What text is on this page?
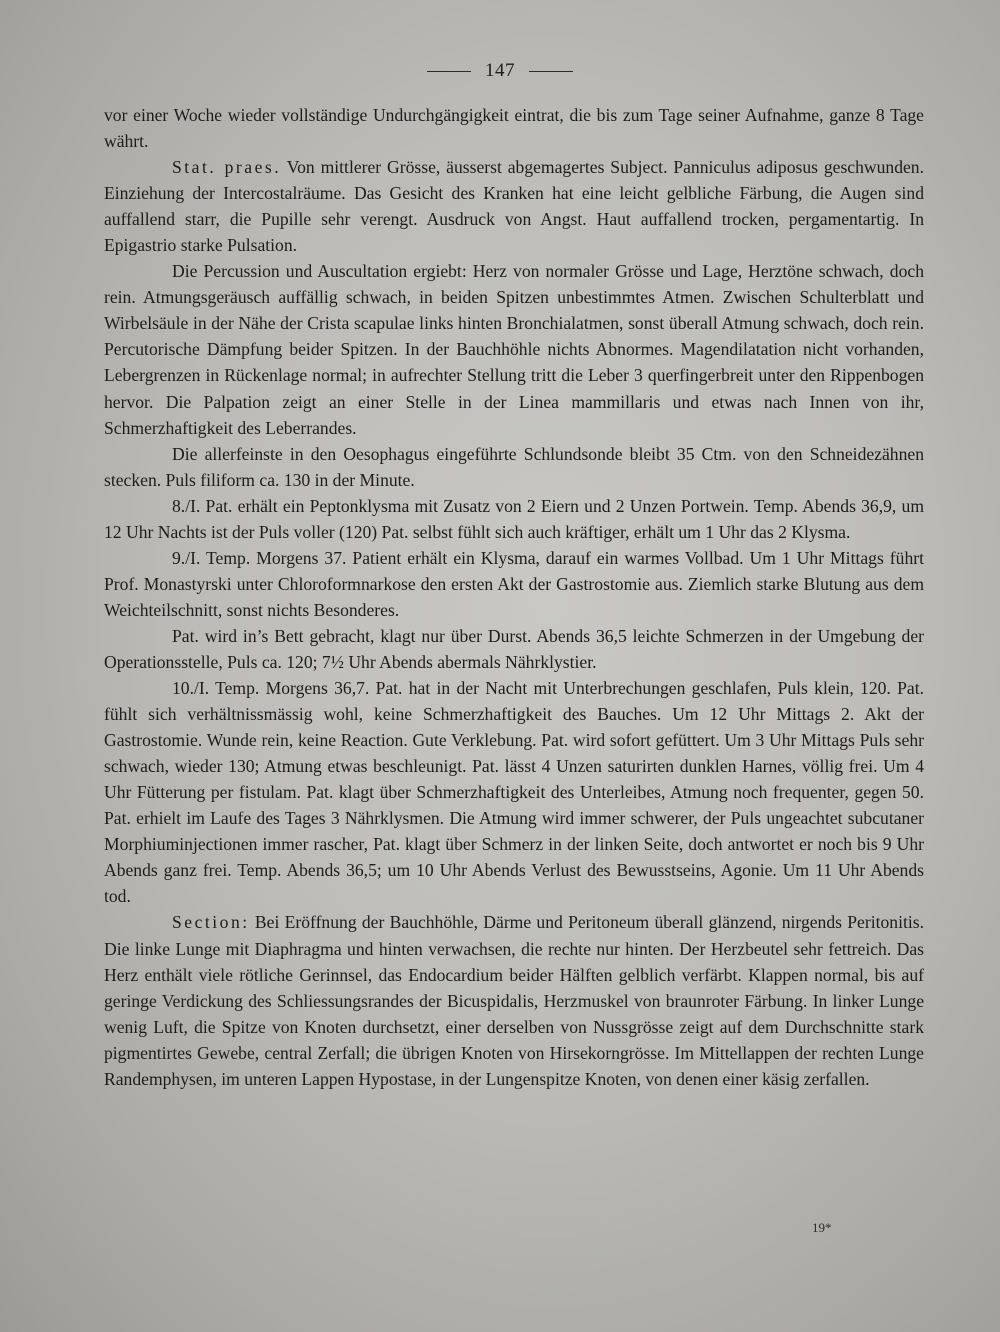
147

vor einer Woche wieder vollständige Undurchgängigkeit eintrat, die bis zum Tage seiner Aufnahme, ganze 8 Tage währt.

Stat. praes. Von mittlerer Grösse, äusserst abgemagertes Subject. Panniculus adiposus geschwunden. Einziehung der Intercostalräume. Das Gesicht des Kranken hat eine leicht gelbliche Färbung, die Augen sind auffallend starr, die Pupille sehr verengt. Ausdruck von Angst. Haut auffallend trocken, pergamentartig. In Epigastrio starke Pulsation.

Die Percussion und Auscultation ergiebt: Herz von normaler Grösse und Lage, Herztöne schwach, doch rein. Atmungsgeräusch auffällig schwach, in beiden Spitzen unbestimmtes Atmen. Zwischen Schulterblatt und Wirbelsäule in der Nähe der Crista scapulae links hinten Bronchialatmen, sonst überall Atmung schwach, doch rein. Percutorische Dämpfung beider Spitzen. In der Bauchhöhle nichts Abnormes. Magendilatation nicht vorhanden, Lebergrenzen in Rückenlage normal; in aufrechter Stellung tritt die Leber 3 querfingerbreit unter den Rippenbogen hervor. Die Palpation zeigt an einer Stelle in der Linea mammillaris und etwas nach Innen von ihr, Schmerzhaftigkeit des Leberrandes.

Die allerfeinste in den Oesophagus eingeführte Schlundsonde bleibt 35 Ctm. von den Schneidezähnen stecken. Puls filiform ca. 130 in der Minute.

8./I. Pat. erhält ein Peptonklysma mit Zusatz von 2 Eiern und 2 Unzen Portwein. Temp. Abends 36,9, um 12 Uhr Nachts ist der Puls voller (120) Pat. selbst fühlt sich auch kräftiger, erhält um 1 Uhr das 2 Klysma.

9./I. Temp. Morgens 37. Patient erhält ein Klysma, darauf ein warmes Vollbad. Um 1 Uhr Mittags führt Prof. Monastyrski unter Chloroformnarkose den ersten Akt der Gastrostomie aus. Ziemlich starke Blutung aus dem Weichteilschnitt, sonst nichts Besonderes.

Pat. wird in’s Bett gebracht, klagt nur über Durst. Abends 36,5 leichte Schmerzen in der Umgebung der Operationsstelle, Puls ca. 120; 7½ Uhr Abends abermals Nährklystier.

10./I. Temp. Morgens 36,7. Pat. hat in der Nacht mit Unterbrechungen geschlafen, Puls klein, 120. Pat. fühlt sich verhältnissmässig wohl, keine Schmerzhaftigkeit des Bauches. Um 12 Uhr Mittags 2. Akt der Gastrostomie. Wunde rein, keine Reaction. Gute Verklebung. Pat. wird sofort gefüttert. Um 3 Uhr Mittags Puls sehr schwach, wieder 130; Atmung etwas beschleunigt. Pat. lässt 4 Unzen saturirten dunklen Harnes, völlig frei. Um 4 Uhr Fütterung per fistulam. Pat. klagt über Schmerzhaftigkeit des Unterleibes, Atmung noch frequenter, gegen 50. Pat. erhielt im Laufe des Tages 3 Nährklysmen. Die Atmung wird immer schwerer, der Puls ungeachtet subcutaner Morphiuminjectionen immer rascher, Pat. klagt über Schmerz in der linken Seite, doch antwortet er noch bis 9 Uhr Abends ganz frei. Temp. Abends 36,5; um 10 Uhr Abends Verlust des Bewusstseins, Agonie. Um 11 Uhr Abends tod.

Section: Bei Eröffnung der Bauchhöhle, Därme und Peritoneum überall glänzend, nirgends Peritonitis. Die linke Lunge mit Diaphragma und hinten verwachsen, die rechte nur hinten. Der Herzbeutel sehr fettreich. Das Herz enthält viele rötliche Gerinnsel, das Endocardium beider Hälften gelblich verfärbt. Klappen normal, bis auf geringe Verdickung des Schliessungsrandes der Bicuspidalis, Herzmuskel von braunroter Färbung. In linker Lunge wenig Luft, die Spitze von Knoten durchsetzt, einer derselben von Nussgrösse zeigt auf dem Durchschnitte stark pigmentirtes Gewebe, central Zerfall; die übrigen Knoten von Hirsekorngrösse. Im Mittellappen der rechten Lunge Randemphysen, im unteren Lappen Hypostase, in der Lungenspitze Knoten, von denen einer käsig zerfallen.

19*
